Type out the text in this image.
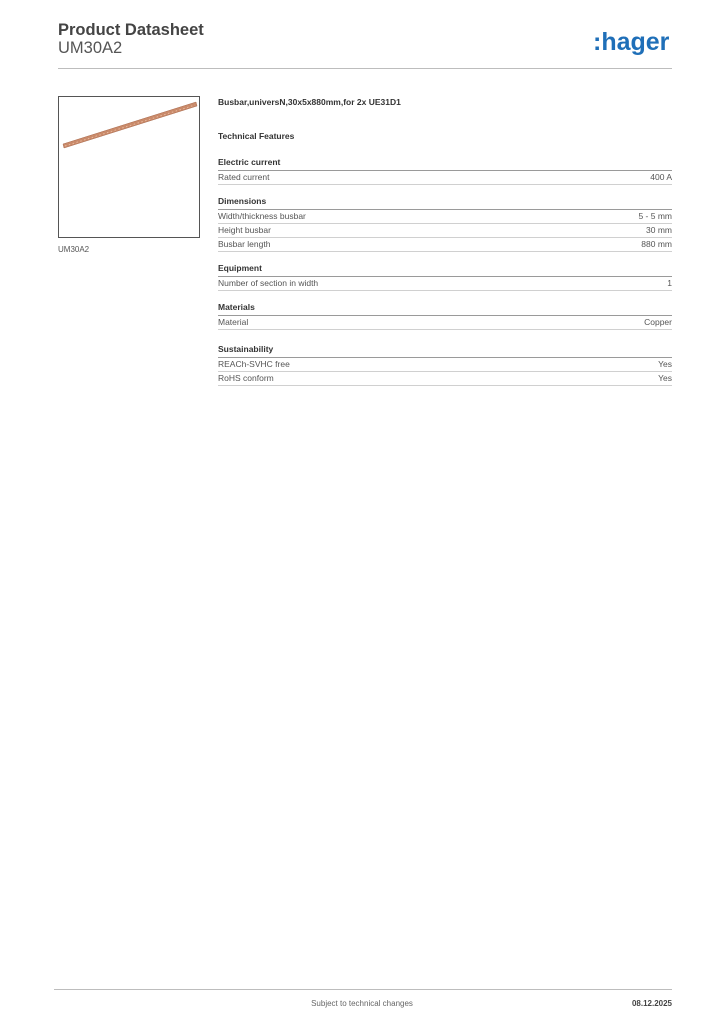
Product Datasheet
UM30A2	:hager
UM30A2

Busbar,universN,30x5x880mm,for 2x UE31D1

Technical Features
Electric current
Rated current	400 A
Dimensions
Width/thickness busbar	5 - 5 mm
Height busbar	30 mm
Busbar length	880 mm
Equipment
Number of section in width	1
Materials
Material	Copper
Sustainability
REACh-SVHC free	Yes
RoHS conform	Yes
Subject to technical changes	08.12.2025
